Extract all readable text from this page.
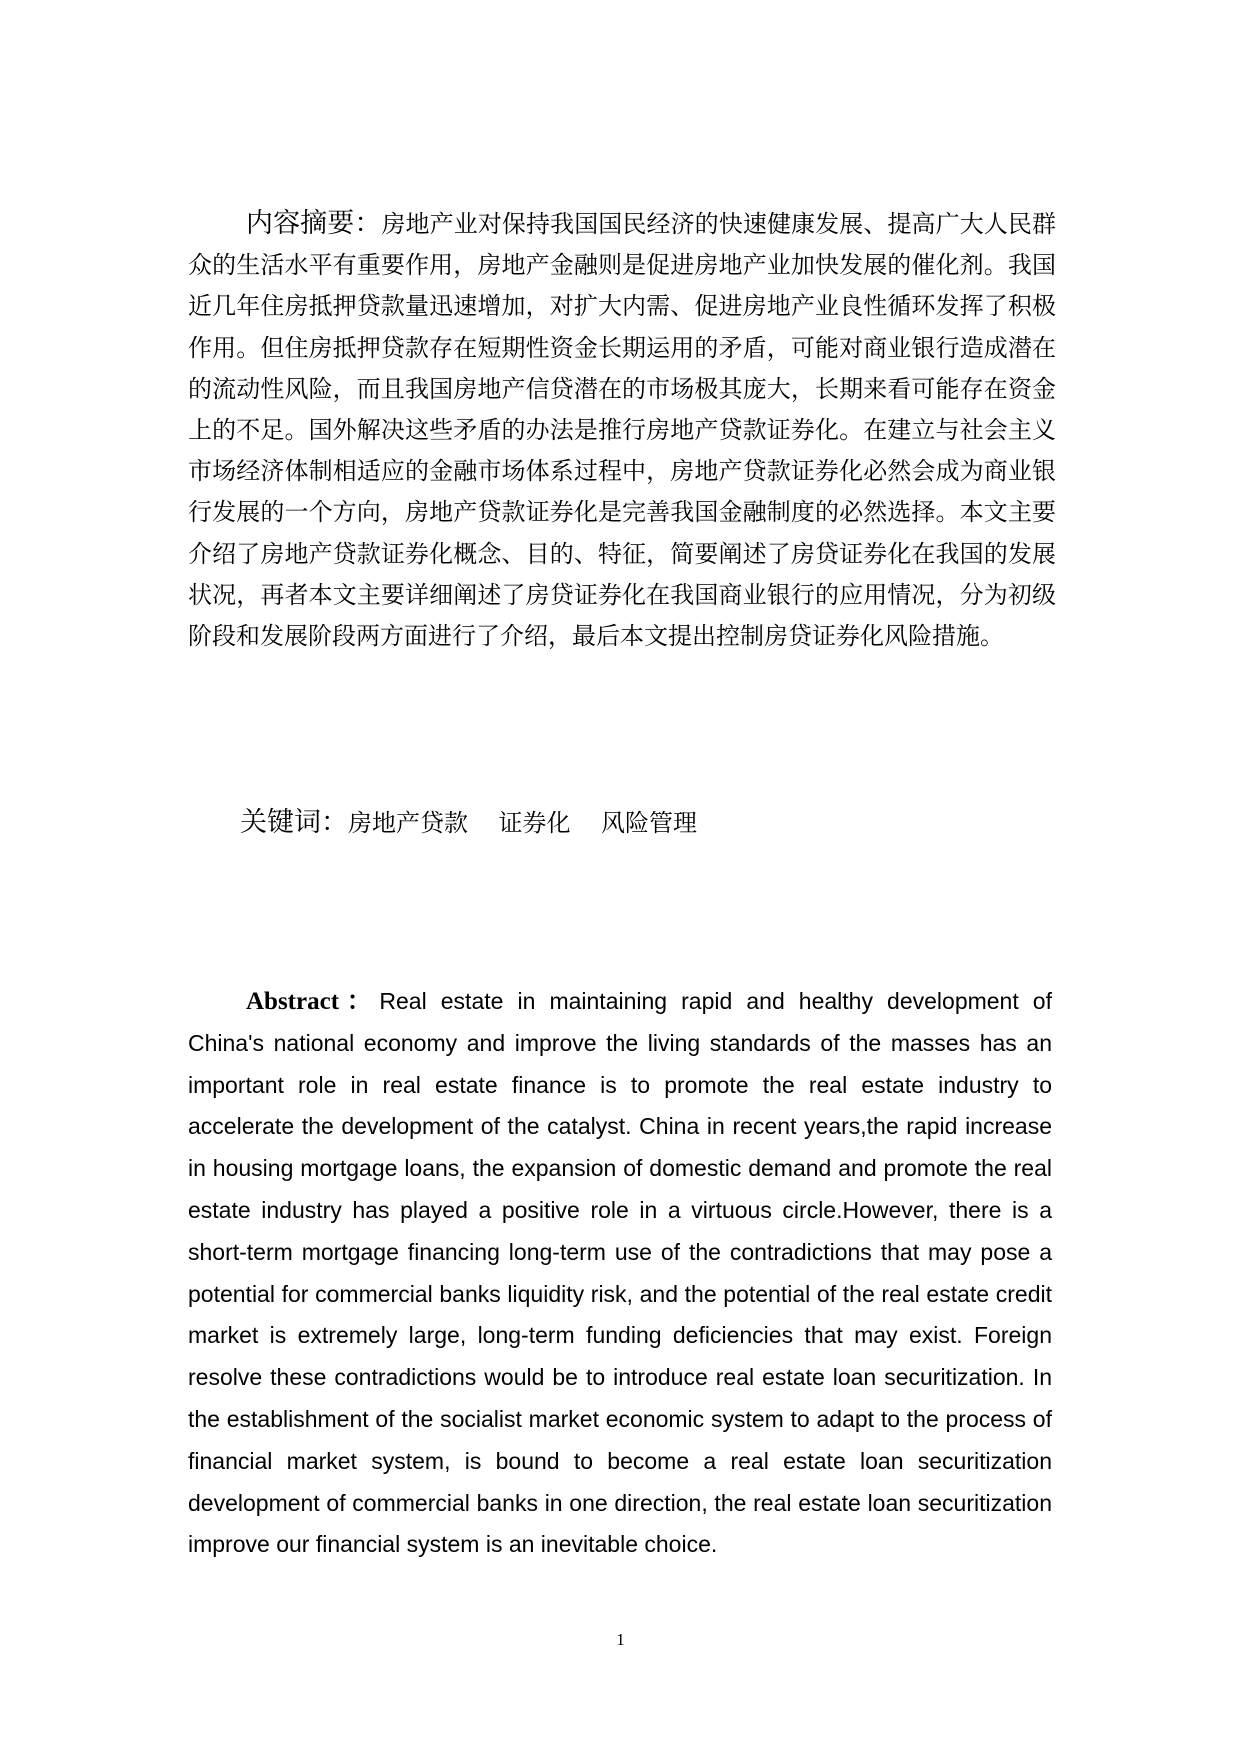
内容摘要：房地产业对保持我国国民经济的快速健康发展、提高广大人民群众的生活水平有重要作用，房地产金融则是促进房地产业加快发展的催化剂。我国近几年住房抵押贷款量迅速增加，对扩大内需、促进房地产业良性循环发挥了积极作用。但住房抵押贷款存在短期性资金长期运用的矛盾，可能对商业银行造成潜在的流动性风险，而且我国房地产信贷潜在的市场极其庞大，长期来看可能存在资金上的不足。国外解决这些矛盾的办法是推行房地产贷款证券化。在建立与社会主义市场经济体制相适应的金融市场体系过程中，房地产贷款证券化必然会成为商业银行发展的一个方向，房地产贷款证券化是完善我国金融制度的必然选择。本文主要介绍了房地产贷款证券化概念、目的、特征，简要阐述了房贷证券化在我国的发展状况，再者本文主要详细阐述了房贷证券化在我国商业银行的应用情况，分为初级阶段和发展阶段两方面进行了介绍，最后本文提出控制房贷证券化风险措施。

关键词：房地产贷款    证券化    风险管理

Abstract：Real estate in maintaining rapid and healthy development of China's national economy and improve the living standards of the masses has an important role in real estate finance is to promote the real estate industry to accelerate the development of the catalyst. China in recent years,the rapid increase in housing mortgage loans, the expansion of domestic demand and promote the real estate industry has played a positive role in a virtuous circle.However, there is a short-term mortgage financing long-term use of the contradictions that may pose a potential for commercial banks liquidity risk, and the potential of the real estate credit market is extremely large, long-term funding deficiencies that may exist. Foreign resolve these contradictions would be to introduce real estate loan securitization. In the establishment of the socialist market economic system to adapt to the process of financial market system, is bound to become a real estate loan securitization development of commercial banks in one direction, the real estate loan securitization improve our financial system is an inevitable choice.

1
